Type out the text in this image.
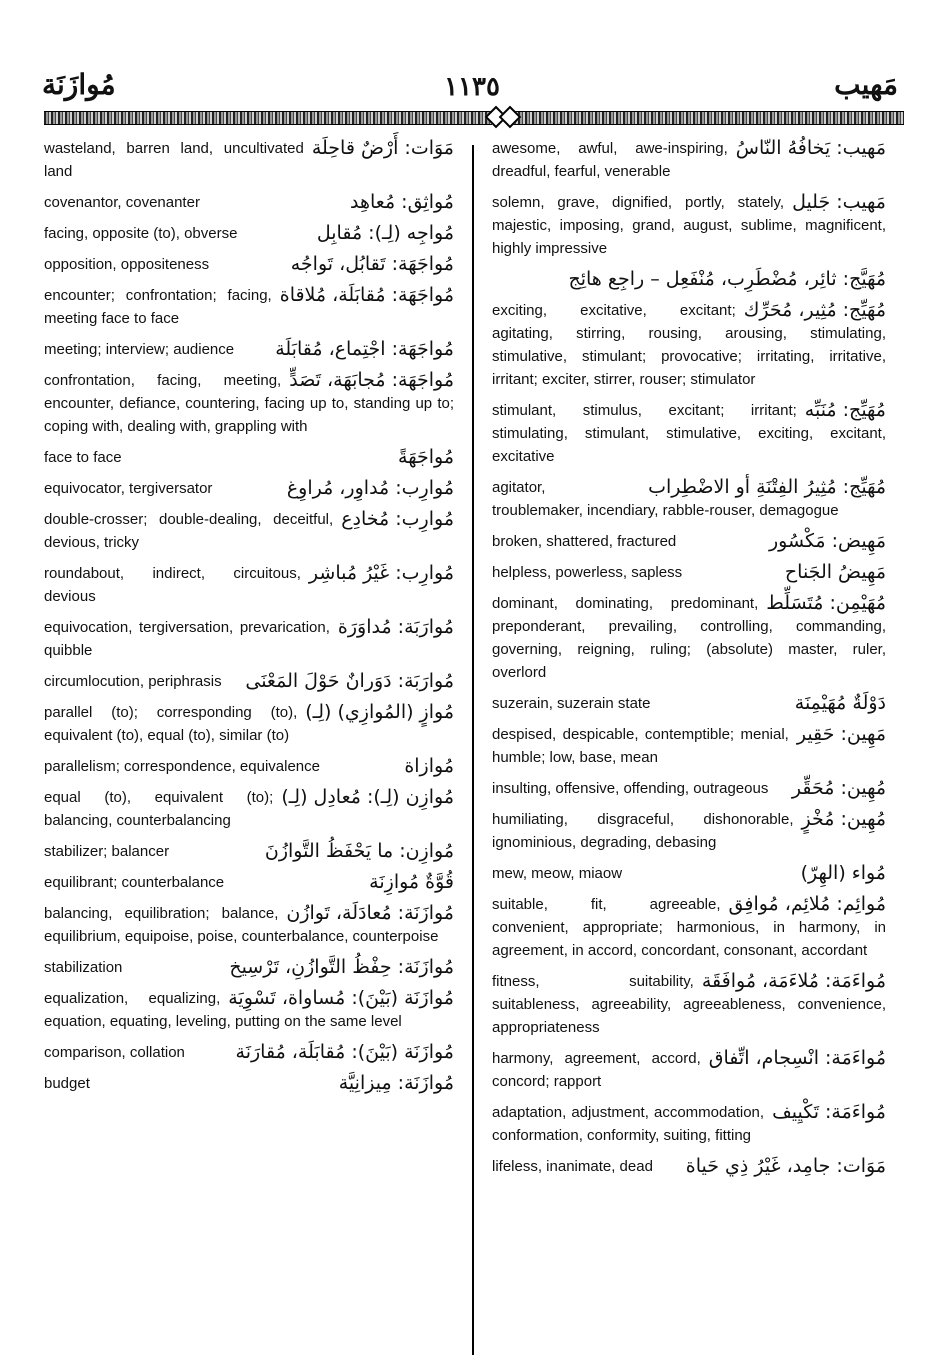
مُوازَنَة	١١٣٥	مَهيب
مَوَات: أَرْضٌ قاحِلَة
wasteland, barren land, uncultivated land
مُواثِق: مُعاهِد
covenantor, covenanter
مُواجِه (لِـ): مُقابِل
facing, opposite (to), obverse
مُواجَهَة: تَقابُل، تَواجُه
opposition, oppositeness
مُواجَهَة: مُقابَلَة، مُلاقاة
encounter; confrontation; facing, meeting face to face
مُواجَهَة: اجْتِماع، مُقابَلَة
meeting; interview; audience
مُواجَهَة: مُجابَهَة، تَصَدٍّ
confrontation, facing, meeting, encounter, defiance, countering, facing up to, standing up to; coping with, dealing with, grappling with
مُواجَهَةً
face to face
مُوارِب: مُداوِر، مُراوِغ
equivocator, tergiversator
مُوارِب: مُخادِع
double-crosser; double-dealing, deceitful, devious, tricky
مُوارِب: غَيْرُ مُباشِر
roundabout, indirect, circuitous, devious
مُوارَبَة: مُداوَرَة
equivocation, tergiversation, prevarication, quibble
مُوارَبَة: دَوَرانٌ حَوْلَ المَعْنَى
circumlocution, periphrasis
مُوازٍ (المُوازِي) (لِـ)
parallel (to); corresponding (to), equivalent (to), equal (to), similar (to)
مُوازاة
parallelism; correspondence, equivalence
مُوازِن (لِـ): مُعادِل (لِـ)
equal (to), equivalent (to); balancing, counterbalancing
مُوازِن: ما يَحْفَظُ التَّوازُنَ
stabilizer; balancer
قُوَّةٌ مُوازِنَة
equilibrant; counterbalance
مُوازَنَة: مُعادَلَة، تَوازُن
balancing, equilibration; balance, equilibrium, equipoise, poise, counterbalance, counterpoise
مُوازَنَة: حِفْظُ التَّوازُنِ، تَرْسِيخ
stabilization
مُوازَنَة (بَيْنَ): مُساواة، تَسْوِيَة
equalization, equalizing, equation, equating, leveling, putting on the same level
مُوازَنَة (بَيْنَ): مُقابَلَة، مُقارَنَة
comparison, collation
مُوازَنَة: مِيزانِيَّة
budget
مَهيب: يَخافُهُ النّاسُ
awesome, awful, awe-inspiring, dreadful, fearful, venerable
مَهيب: جَليل
solemn, grave, dignified, portly, stately, majestic, imposing, grand, august, sublime, magnificent, highly impressive
مُهَيَّج: ثائِر، مُضْطَرِب، مُنْفَعِل – راجِع هائِج
مُهَيِّج: مُثِير، مُحَرِّك
exciting, excitative, excitant; agitating, stirring, rousing, arousing, stimulating, stimulative, stimulant; provocative; irritating, irritative, irritant; exciter, stirrer, rouser; stimulator
مُهَيِّج: مُنَبِّه
stimulant, stimulus, excitant; irritant; stimulating, stimulant, stimulative, exciting, excitant, excitative
مُهَيِّج: مُثِيرُ الفِتْنَةِ أو الاضْطِراب
agitator, troublemaker, incendiary, rabble-rouser, demagogue
مَهِيض: مَكْسُور
broken, shattered, fractured
مَهِيضُ الجَناح
helpless, powerless, sapless
مُهَيْمِن: مُتَسَلِّط
dominant, dominating, predominant, preponderant, prevailing, controlling, commanding, governing, reigning, ruling; (absolute) master, ruler, overlord
دَوْلَةٌ مُهَيْمِنَة
suzerain, suzerain state
مَهِين: حَقِير
despised, despicable, contemptible; menial, humble; low, base, mean
مُهِين: مُحَقِّر
insulting, offensive, offending, outrageous
مُهِين: مُخْزٍ
humiliating, disgraceful, dishonorable, ignominious, degrading, debasing
مُواء (الهِرّ)
mew, meow, miaow
مُوائِم: مُلائِم، مُوافِق
suitable, fit, agreeable, convenient, appropriate; harmonious, in harmony, in agreement, in accord, concordant, consonant, accordant
مُواءَمَة: مُلاءَمَة، مُوافَقَة
fitness, suitability, suitableness, agreeability, agreeableness, convenience, appropriateness
مُواءَمَة: انْسِجام، اتِّفاق
harmony, agreement, accord, concord; rapport
مُواءَمَة: تَكْيِيف
adaptation, adjustment, accommodation, conformation, conformity, suiting, fitting
مَوَات: جامِد، غَيْرُ ذِي حَياة
lifeless, inanimate, dead
